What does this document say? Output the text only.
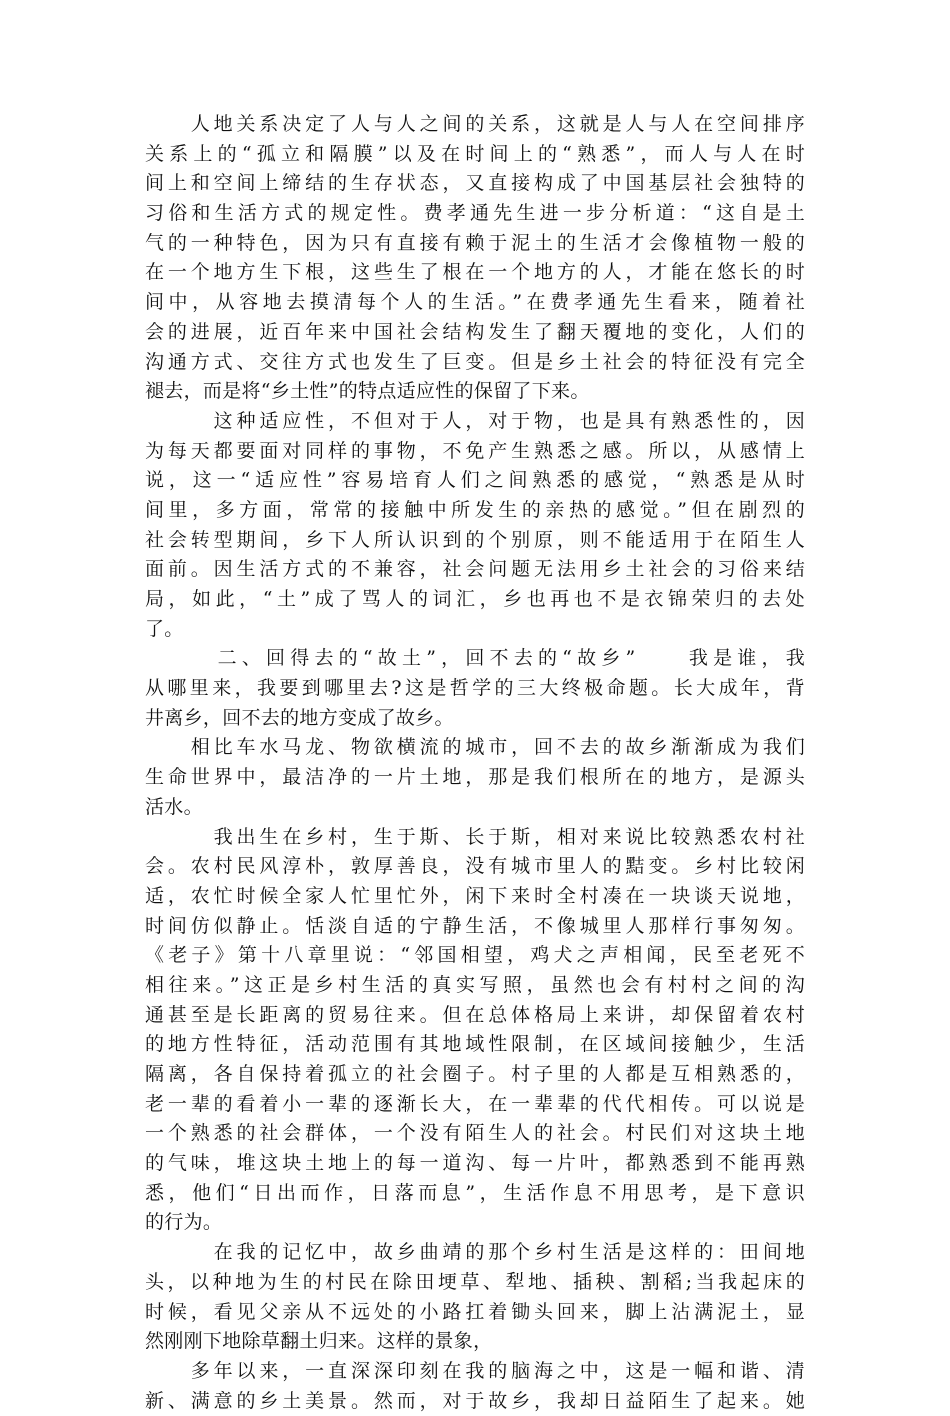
　　人地关系决定了人与人之间的关系，这就是人与人在空间排序
关系上的“孤立和隔膜”以及在时间上的“熟悉”，而人与人在时
间上和空间上缔结的生存状态，又直接构成了中国基层社会独特的
习俗和生活方式的规定性。费孝通先生进一步分析道：“这自是土
气的一种特色，因为只有直接有赖于泥土的生活才会像植物一般的
在一个地方生下根，这些生了根在一个地方的人，才能在悠长的时
间中，从容地去摸清每个人的生活。”在费孝通先生看来，随着社
会的进展，近百年来中国社会结构发生了翻天覆地的变化，人们的
沟通方式、交往方式也发生了巨变。但是乡土社会的特征没有完全
褪去，而是将“乡土性”的特点适应性的保留了下来。
　　　这种适应性，不但对于人，对于物，也是具有熟悉性的，因
为每天都要面对同样的事物，不免产生熟悉之感。所以，从感情上
说，这一“适应性”容易培育人们之间熟悉的感觉，“熟悉是从时
间里，多方面，常常的接触中所发生的亲热的感觉。”但在剧烈的
社会转型期间，乡下人所认识到的个别原，则不能适用于在陌生人
面前。因生活方式的不兼容，社会问题无法用乡土社会的习俗来结
局，如此，“土”成了骂人的词汇，乡也再也不是衣锦荣归的去处
了。
　　　二、回得去的“故土”，回不去的“故乡”　　我是谁，我
从哪里来，我要到哪里去?这是哲学的三大终极命题。长大成年，背
井离乡，回不去的地方变成了故乡。
　　相比车水马龙、物欲横流的城市，回不去的故乡渐渐成为我们
生命世界中，最洁净的一片土地，那是我们根所在的地方，是源头
活水。
　　　我出生在乡村，生于斯、长于斯，相对来说比较熟悉农村社
会。农村民风淳朴，敦厚善良，没有城市里人的黠变。乡村比较闲
适，农忙时候全家人忙里忙外，闲下来时全村凑在一块谈天说地，
时间仿似静止。恬淡自适的宁静生活，不像城里人那样行事匆匆。
《老子》第十八章里说：“邻国相望，鸡犬之声相闻，民至老死不
相往来。”这正是乡村生活的真实写照，虽然也会有村村之间的沟
通甚至是长距离的贸易往来。但在总体格局上来讲，却保留着农村
的地方性特征，活动范围有其地域性限制，在区域间接触少，生活
隔离，各自保持着孤立的社会圈子。村子里的人都是互相熟悉的，
老一辈的看着小一辈的逐渐长大，在一辈辈的代代相传。可以说是
一个熟悉的社会群体，一个没有陌生人的社会。村民们对这块土地
的气味，堆这块土地上的每一道沟、每一片叶，都熟悉到不能再熟
悉，他们“日出而作，日落而息”，生活作息不用思考，是下意识
的行为。
　　　在我的记忆中，故乡曲靖的那个乡村生活是这样的：田间地
头，以种地为生的村民在除田埂草、犁地、插秧、割稻;当我起床的
时候，看见父亲从不远处的小路扛着锄头回来，脚上沾满泥土，显
然刚刚下地除草翻土归来。这样的景象，
　　多年以来，一直深深印刻在我的脑海之中，这是一幅和谐、清
新、满意的乡土美景。然而，对于故乡，我却日益陌生了起来。她
